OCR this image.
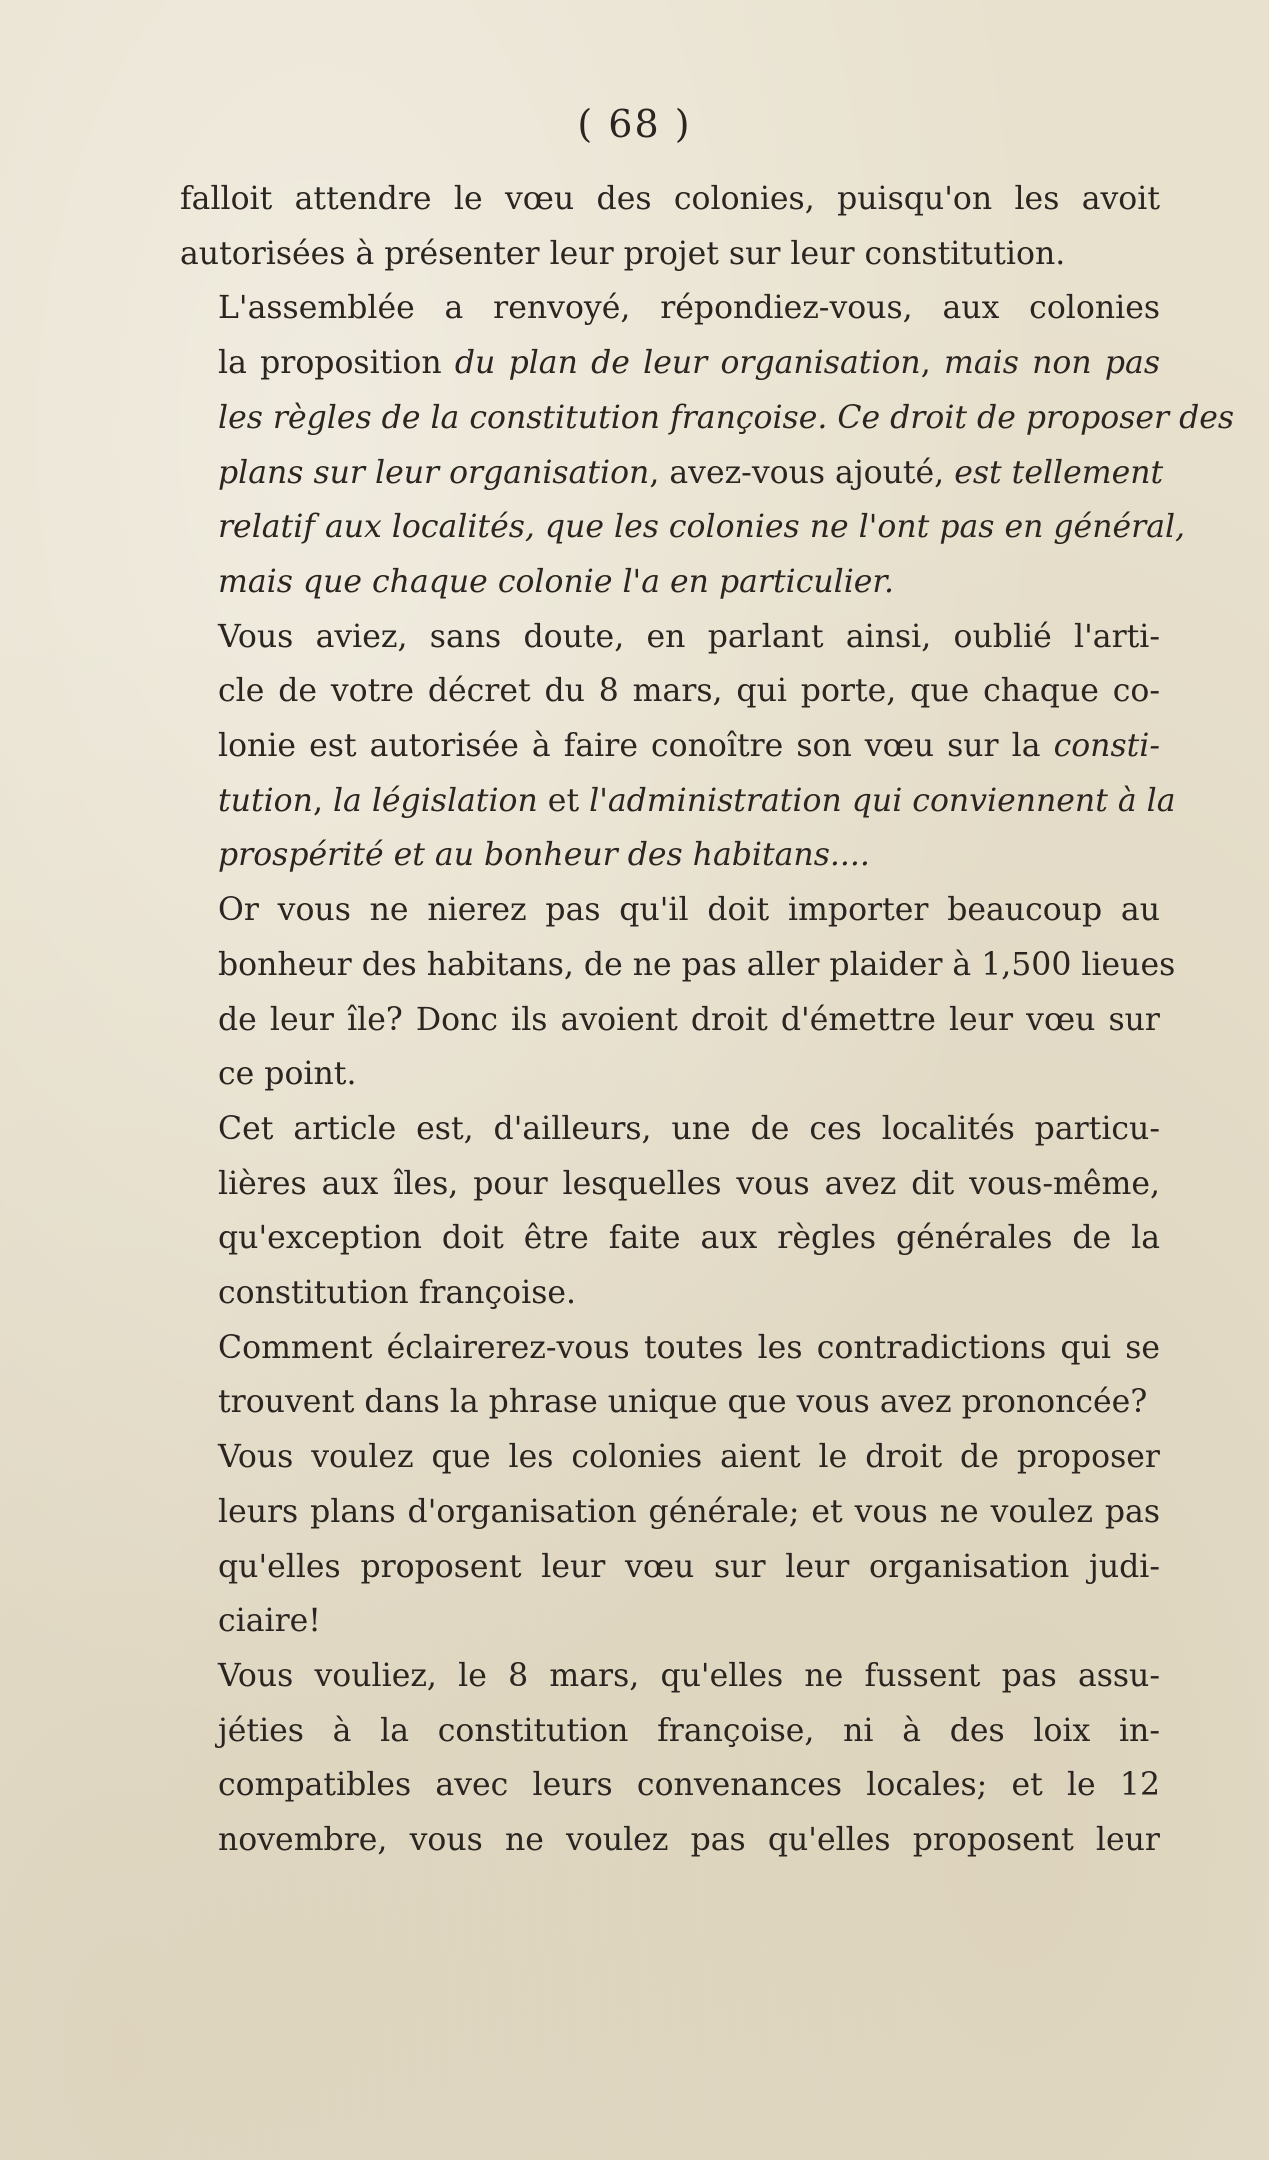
( 68 )

falloit attendre le vœu des colonies, puisqu'on les avoit
autorisées à présenter leur projet sur leur constitution.

L'assemblée a renvoyé, répondiez-vous, aux colonies
la proposition du plan de leur organisation, mais non pas
les règles de la constitution françoise. Ce droit de proposer des
plans sur leur organisation, avez-vous ajouté, est tellement
relatif aux localités, que les colonies ne l'ont pas en général,
mais que chaque colonie l'a en particulier.

Vous aviez, sans doute, en parlant ainsi, oublié l'arti-
cle de votre décret du 8 mars, qui porte, que chaque co-
lonie est autorisée à faire conoître son vœu sur la consti-
tution, la législation et l'administration qui conviennent à la
prospérité et au bonheur des habitans....

Or vous ne nierez pas qu'il doit importer beaucoup au
bonheur des habitans, de ne pas aller plaider à 1,500 lieues
de leur île? Donc ils avoient droit d'émettre leur vœu sur
ce point.

Cet article est, d'ailleurs, une de ces localités particu-
lières aux îles, pour lesquelles vous avez dit vous-même,
qu'exception doit être faite aux règles générales de la
constitution françoise.

Comment éclairerez-vous toutes les contradictions qui se
trouvent dans la phrase unique que vous avez prononcée?

Vous voulez que les colonies aient le droit de proposer
leurs plans d'organisation générale; et vous ne voulez pas
qu'elles proposent leur vœu sur leur organisation judi-
ciaire!

Vous vouliez, le 8 mars, qu'elles ne fussent pas assu-
jéties à la constitution françoise, ni à des loix in-
compatibles avec leurs convenances locales; et le 12
novembre, vous ne voulez pas qu'elles proposent leur
